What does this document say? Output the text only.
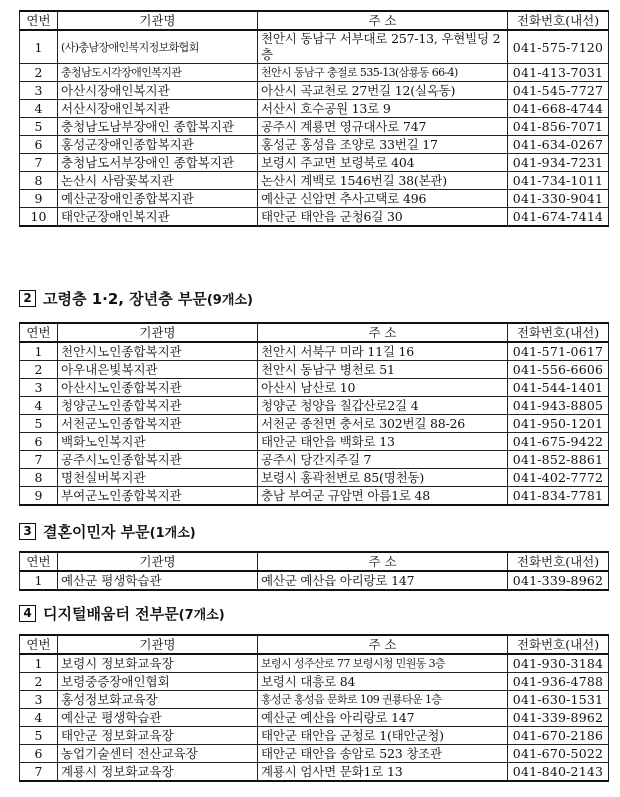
연번	기관명	주 소	전화번호(내선)
1	(사)충남장애인복지정보화협회	천안시 동남구 서부대로 257-13, 우현빌딩 2층	041-575-7120
2	충청남도시각장애인복지관	천안시 동남구 충절로 535-13(삼룡동 66-4)	041-413-7031
3	아산시장애인복지관	아산시 곡교천로 27번길 12(실옥동)	041-545-7727
4	서산시장애인복지관	서산시 호수공원 13로 9	041-668-4744
5	충청남도남부장애인 종합복지관	공주시 계룡면 영규대사로 747	041-856-7071
6	홍성군장애인종합복지관	홍성군 홍성읍 조양로 33번길 17	041-634-0267
7	충청남도서부장애인 종합복지관	보령시 주교면 보령북로 404	041-934-7231
8	논산시 사람꽃복지관	논산시 계백로 1546번길 38(본관)	041-734-1011
9	예산군장애인종합복지관	예산군 신암면 추사고택로 496	041-330-9041
10	태안군장애인복지관	태안군 태안읍 군청6길 30	041-674-7414
2 고령층 1·2, 장년층 부문 (9개소)
연번	기관명	주 소	전화번호(내선)
1	천안시노인종합복지관	천안시 서북구 미라 11길 16	041-571-0617
2	아우내은빛복지관	천안시 동남구 병천로 51	041-556-6606
3	아산시노인종합복지관	아산시 남산로 10	041-544-1401
4	청양군노인종합복지관	청양군 청양읍 칠갑산로2길 4	041-943-8805
5	서천군노인종합복지관	서천군 종천면 충서로 302번길 88-26	041-950-1201
6	백화노인복지관	태안군 태안읍 백화로 13	041-675-9422
7	공주시노인종합복지관	공주시 당간지주길 7	041-852-8861
8	명천실버복지관	보령시 홍곽천변로 85(명천동)	041-402-7772
9	부여군노인종합복지관	충남 부여군 규암면 아름1로 48	041-834-7781
3 결혼이민자 부문 (1개소)
연번	기관명	주 소	전화번호(내선)
1	예산군 평생학습관	예산군 예산읍 아리랑로 147	041-339-8962
4 디지털배움터 전부문 (7개소)
연번	기관명	주 소	전화번호(내선)
1	보령시 정보화교육장	보령시 성주산로 77 보령시청 민원동 3층	041-930-3184
2	보령중증장애인협회	보령시 대흥로 84	041-936-4788
3	홍성정보화교육장	홍성군 홍성읍 문화로 109 권룡타운 1층	041-630-1531
4	예산군 평생학습관	예산군 예산읍 아리랑로 147	041-339-8962
5	태안군 정보화교육장	태안군 태안읍 군청로 1(태안군청)	041-670-2186
6	농업기술센터 전산교육장	태안군 태안읍 송암로 523 창조관	041-670-5022
7	계룡시 정보화교육장	계룡시 엄사면 문화1로 13	041-840-2143
